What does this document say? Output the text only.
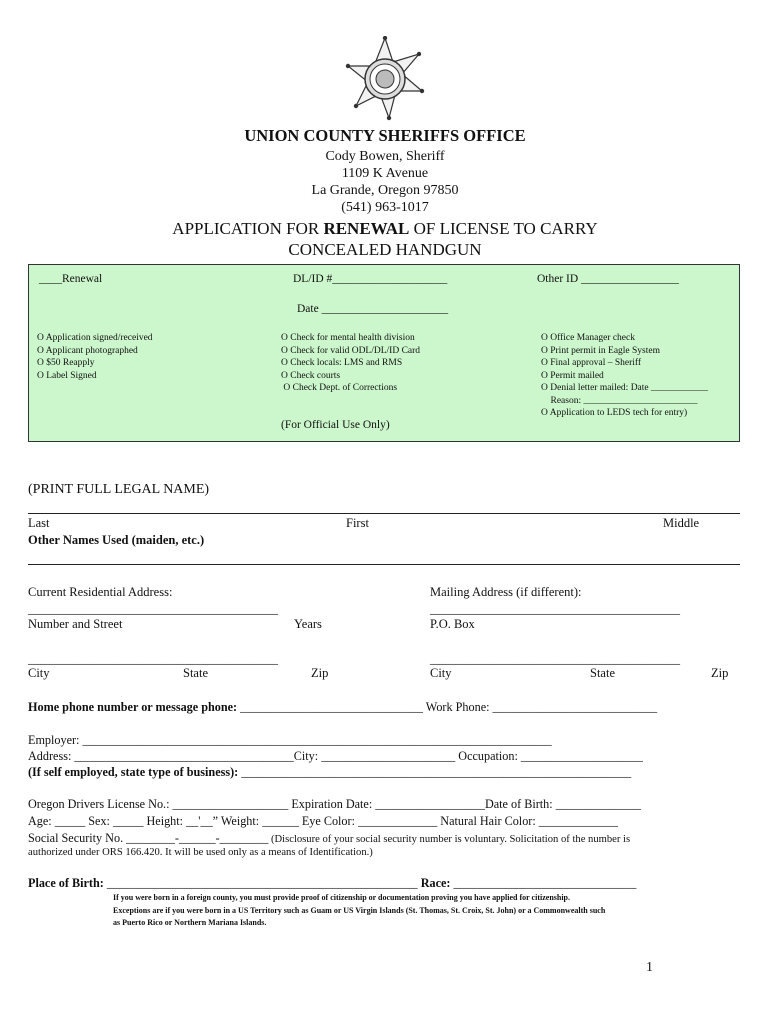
UNION COUNTY SHERIFFS OFFICE
Cody Bowen, Sheriff
1109 K Avenue
La Grande, Oregon 97850
(541) 963-1017
APPLICATION FOR RENEWAL OF LICENSE TO CARRY
CONCEALED HANDGUN
____Renewal	DL/ID #____________________	Other ID _________________
Date ______________________
O Application signed/received
O Applicant photographed
O $50 Reapply
O Label Signed
O Check for mental health division
O Check for valid ODL/DL/ID Card
O Check locals: LMS and RMS
O Check courts
O Check Dept. of Corrections
O Office Manager check
O Print permit in Eagle System
O Final approval – Sheriff
O Permit mailed
O Denial letter mailed: Date ____________
Reason: ________________________
O Application to LEDS tech for entry)
(For Official Use Only)
(PRINT FULL LEGAL NAME)
Last	First	Middle
Other Names Used (maiden, etc.)
Current Residential Address:	Mailing Address (if different):
________________________________________	________________________________________
Number and Street	Years	P.O. Box
________________________________________	________________________________________
City	State	Zip	City	State	Zip
Home phone number or message phone: ______________________________ Work Phone: ___________________________
Employer: _____________________________________________________________________________
Address: ____________________________________City: ______________________ Occupation: ____________________
(If self employed, state type of business): ________________________________________________________________
Oregon Drivers License No.: ___________________ Expiration Date: __________________Date of Birth: ______________
Age: _____ Sex: _____ Height: __'__” Weight: ______ Eye Color: _____________ Natural Hair Color: _____________
Social Security No. ________-______-________ (Disclosure of your social security number is voluntary. Solicitation of the number is
authorized under ORS 166.420. It will be used only as a means of Identification.)
Place of Birth: ___________________________________________________ Race: ______________________________
If you were born in a foreign county, you must provide proof of citizenship or documentation proving you have applied for citizenship.
Exceptions are if you were born in a US Territory such as Guam or US Virgin Islands (St. Thomas, St. Croix, St. John) or a Commonwealth such
as Puerto Rico or Northern Mariana Islands.
1
